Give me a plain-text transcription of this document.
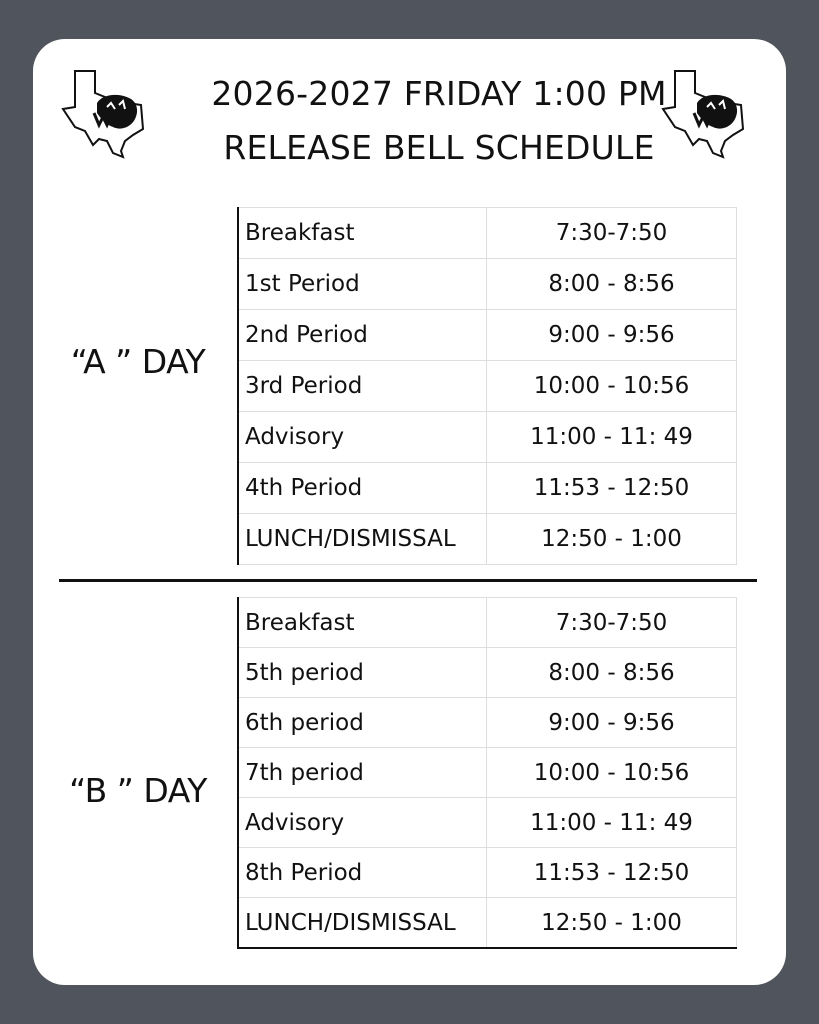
2026-2027 FRIDAY 1:00 PM
RELEASE BELL SCHEDULE
“A ” DAY
Breakfast	7:30-7:50
1st Period	8:00 - 8:56
2nd Period	9:00 - 9:56
3rd Period	10:00 - 10:56
Advisory	11:00 - 11: 49
4th Period	11:53 - 12:50
LUNCH/DISMISSAL	12:50 - 1:00
“B ” DAY
Breakfast	7:30-7:50
5th period	8:00 - 8:56
6th period	9:00 - 9:56
7th period	10:00 - 10:56
Advisory	11:00 - 11: 49
8th Period	11:53 - 12:50
LUNCH/DISMISSAL	12:50 - 1:00
